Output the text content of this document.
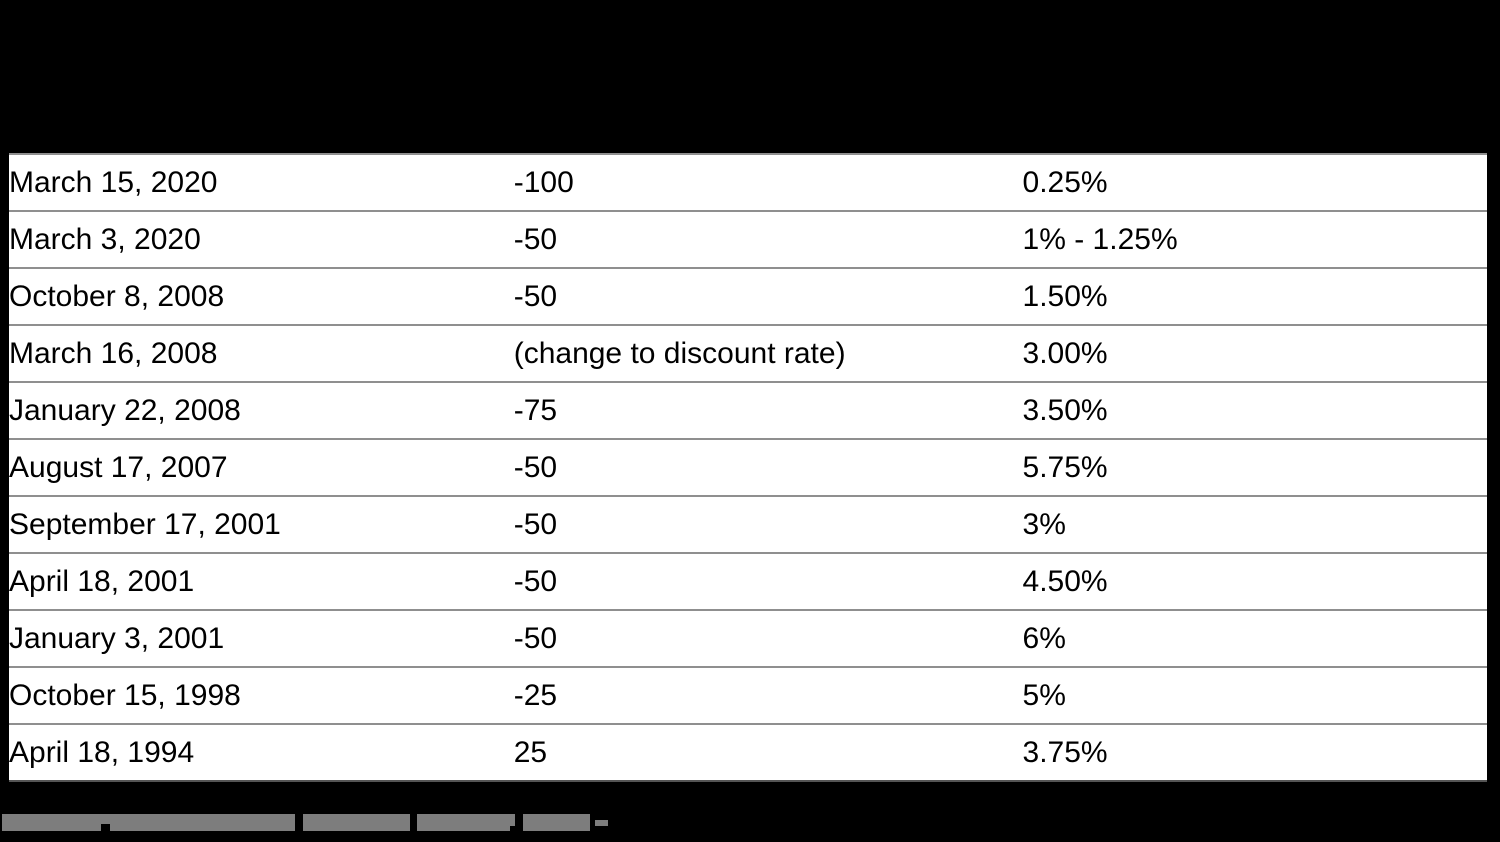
March 15, 2020	-100	0.25%
March 3, 2020	-50	1% - 1.25%
October 8, 2008	-50	1.50%
March 16, 2008	(change to discount rate)	3.00%
January 22, 2008	-75	3.50%
August 17, 2007	-50	5.75%
September 17, 2001	-50	3%
April 18, 2001	-50	4.50%
January 3, 2001	-50	6%
October 15, 1998	-25	5%
April 18, 1994	25	3.75%
